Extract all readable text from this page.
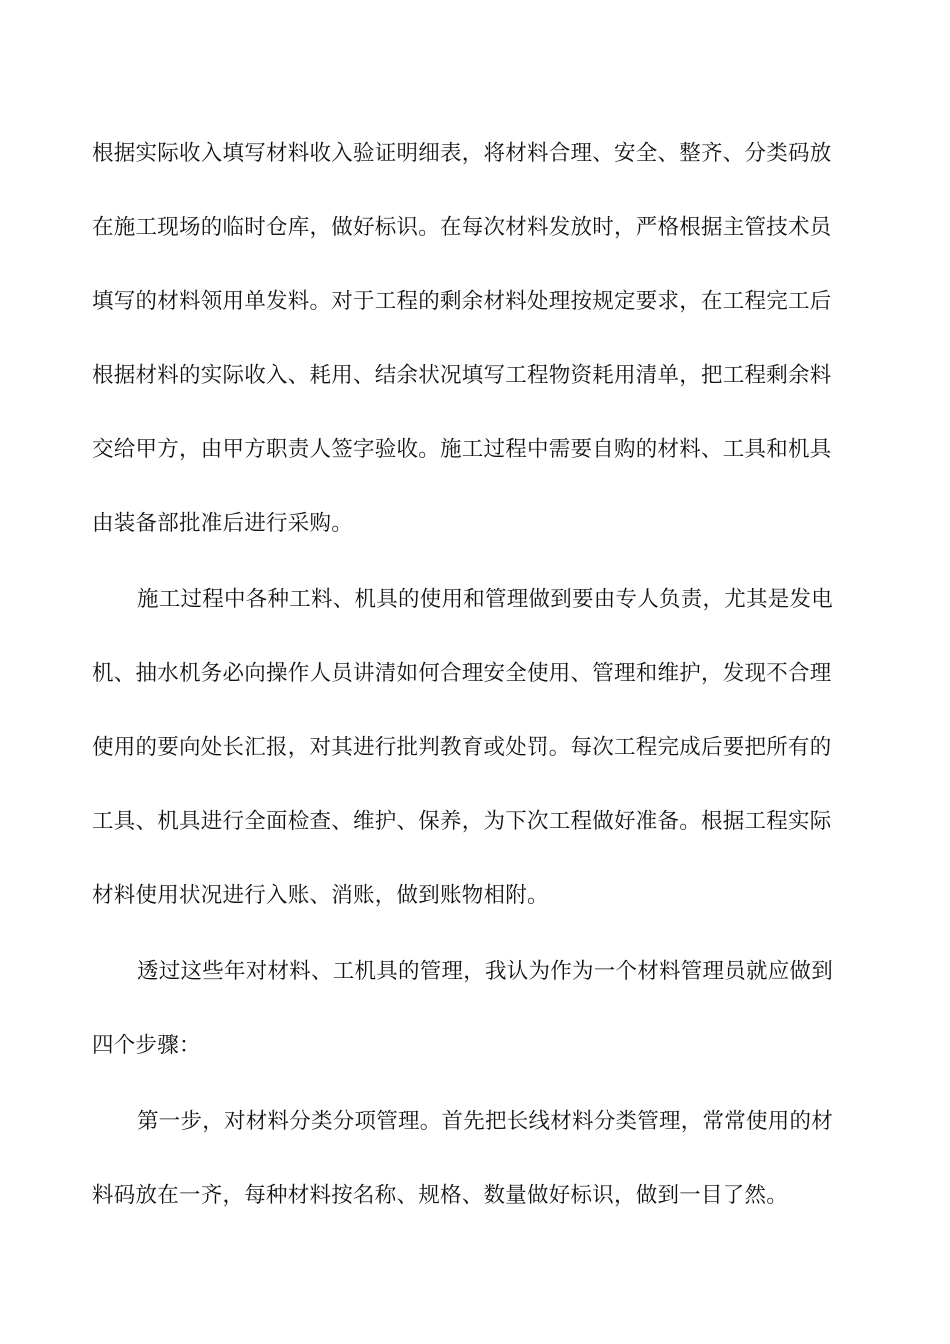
根据实际收入填写材料收入验证明细表，将材料合理、安全、整齐、分类码放
在施工现场的临时仓库，做好标识。在每次材料发放时，严格根据主管技术员
填写的材料领用单发料。对于工程的剩余材料处理按规定要求，在工程完工后
根据材料的实际收入、耗用、结余状况填写工程物资耗用清单，把工程剩余料
交给甲方，由甲方职责人签字验收。施工过程中需要自购的材料、工具和机具
由装备部批准后进行采购。
施工过程中各种工料、机具的使用和管理做到要由专人负责，尤其是发电
机、抽水机务必向操作人员讲清如何合理安全使用、管理和维护，发现不合理
使用的要向处长汇报，对其进行批判教育或处罚。每次工程完成后要把所有的
工具、机具进行全面检查、维护、保养，为下次工程做好准备。根据工程实际
材料使用状况进行入账、消账，做到账物相附。
透过这些年对材料、工机具的管理，我认为作为一个材料管理员就应做到
四个步骤：
第一步，对材料分类分项管理。首先把长线材料分类管理，常常使用的材
料码放在一齐，每种材料按名称、规格、数量做好标识，做到一目了然。
